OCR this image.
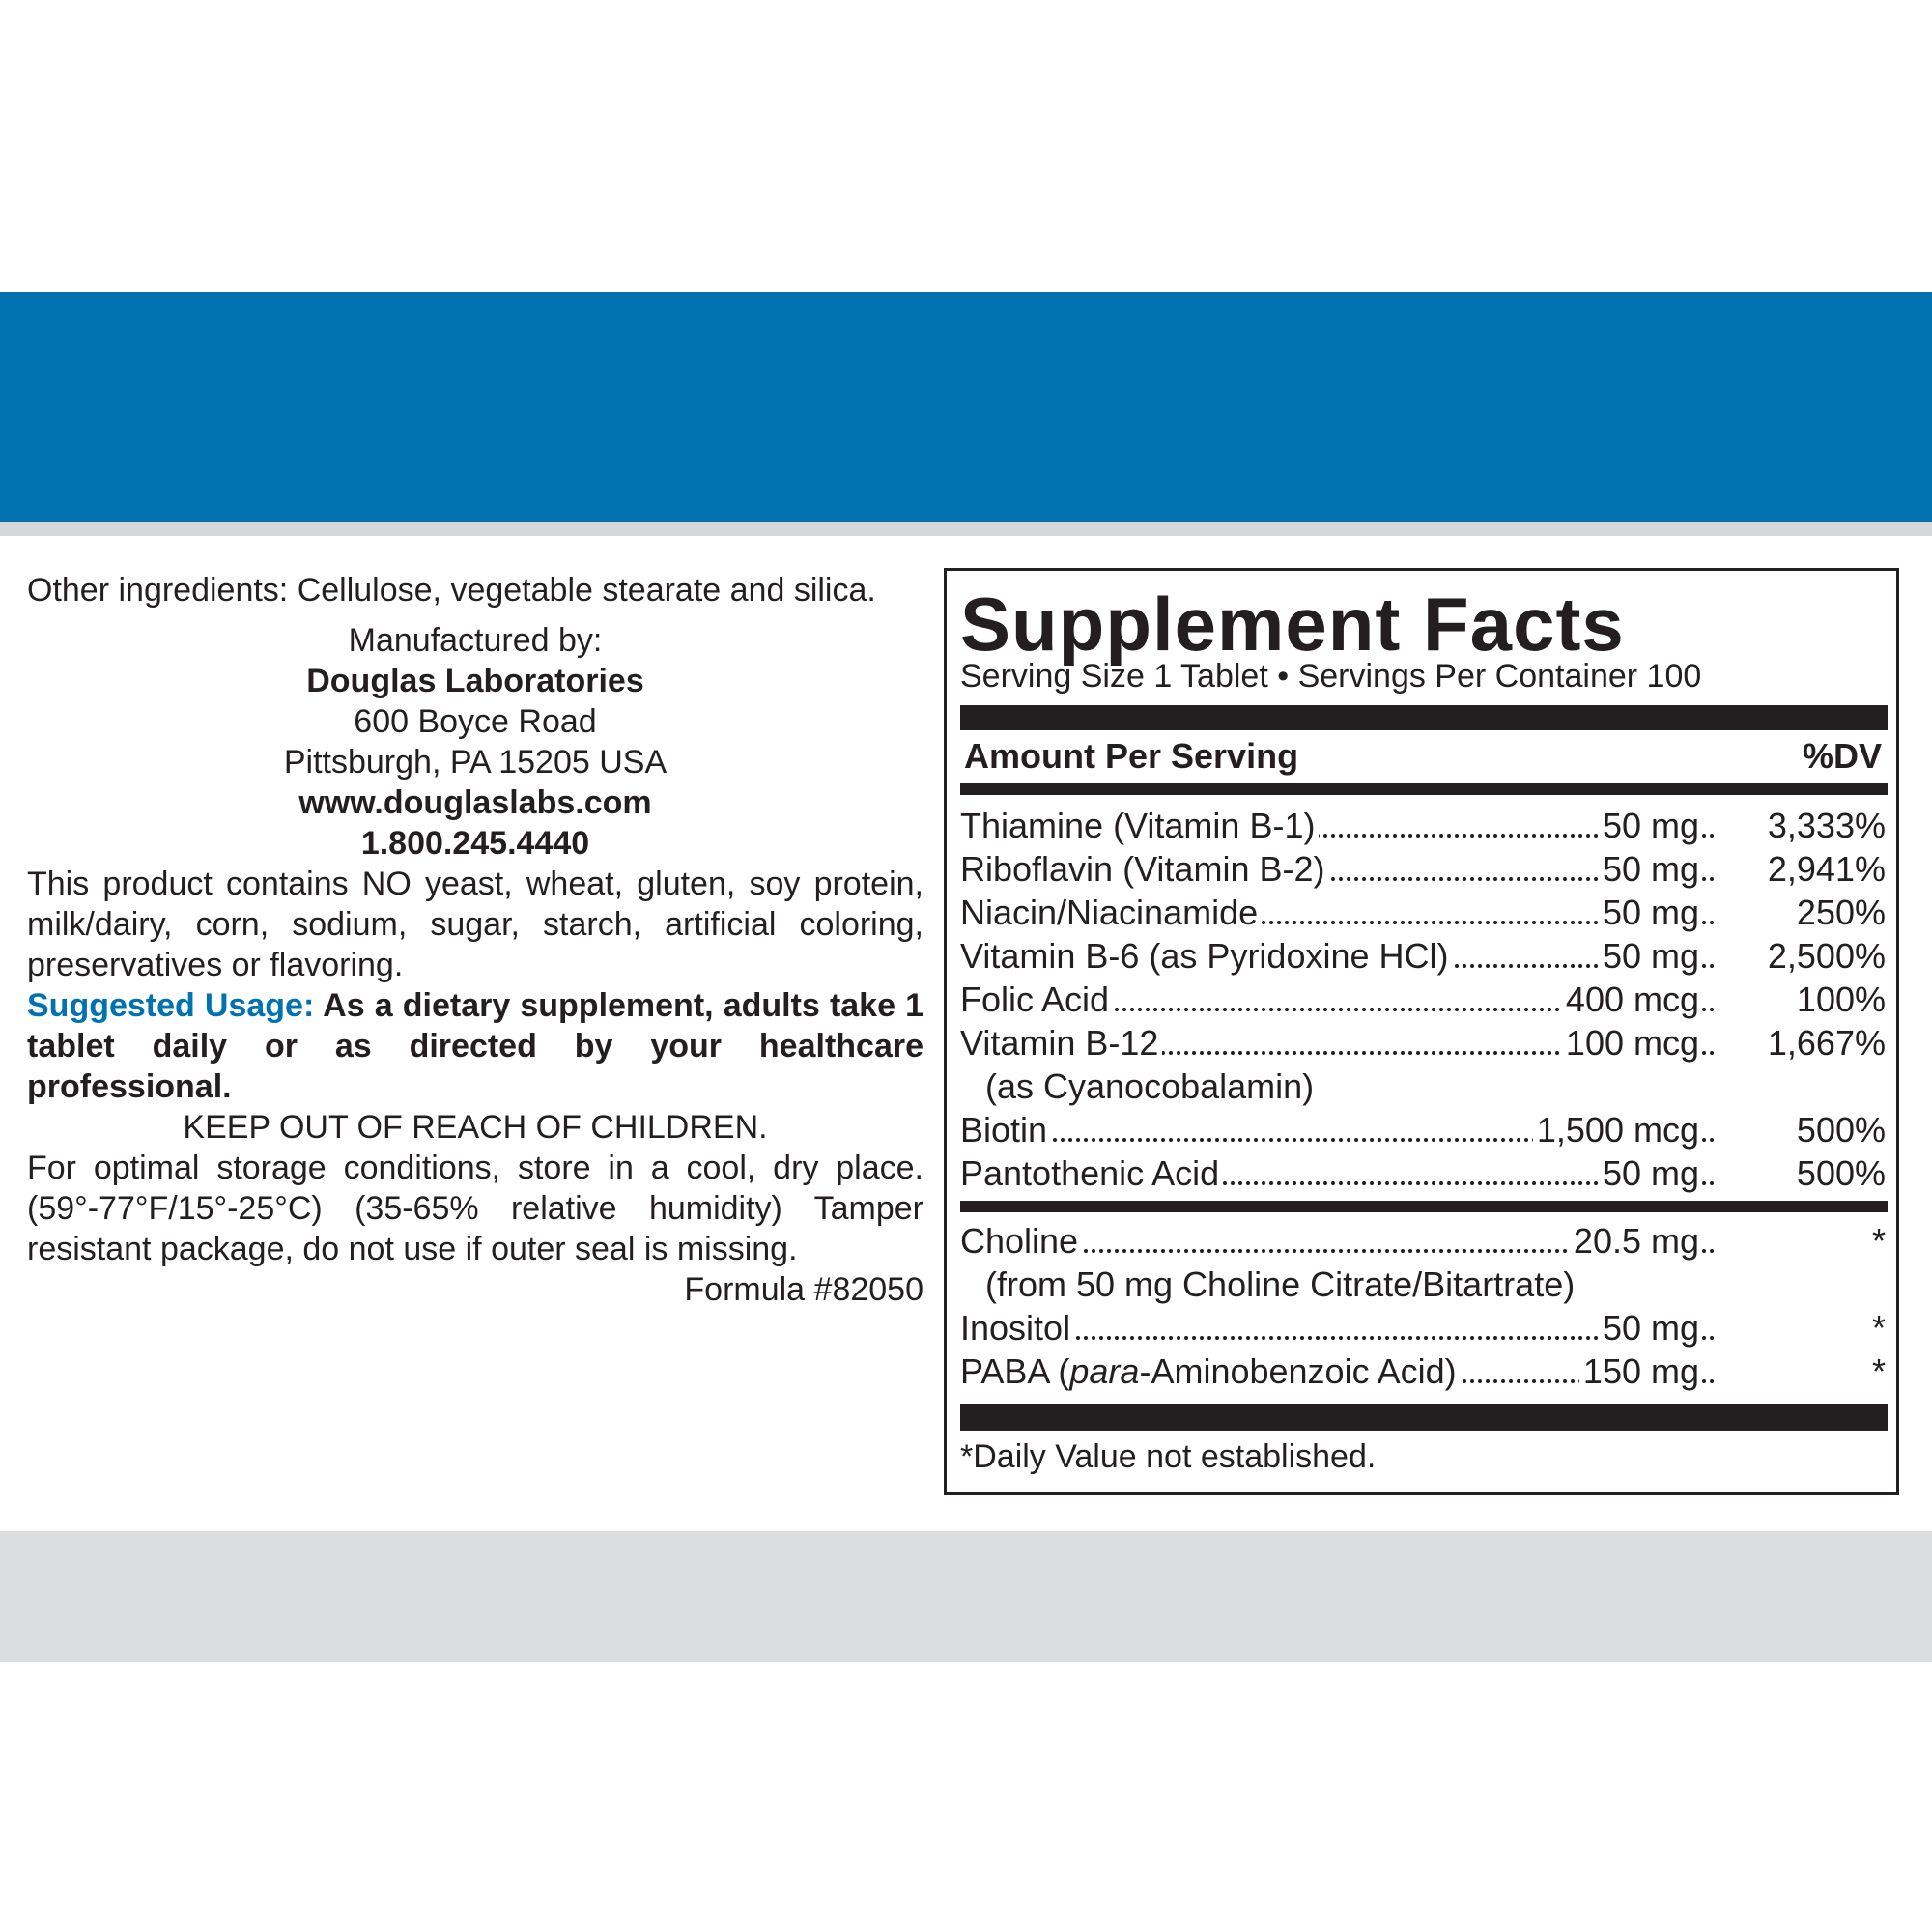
Other ingredients: Cellulose, vegetable stearate and silica.

Manufactured by:

Douglas Laboratories

600 Boyce Road

Pittsburgh, PA 15205 USA

www.douglaslabs.com

1.800.245.4440

This product contains NO yeast, wheat, gluten, soy protein, milk/dairy, corn, sodium, sugar, starch, artificial coloring, preservatives or flavoring.

Suggested Usage: As a dietary supplement, adults take 1 tablet daily or as directed by your healthcare professional.

KEEP OUT OF REACH OF CHILDREN.

For optimal storage conditions, store in a cool, dry place. (59°-77°F/15°-25°C) (35-65% relative humidity) Tamper resistant package, do not use if outer seal is missing.

Formula #82050

Supplement Facts
Serving Size 1 Tablet • Servings Per Container 100
Amount Per Serving	%DV
Thiamine (Vitamin B-1)	50 mg 3,333%
Riboflavin (Vitamin B-2)	50 mg 2,941%
Niacin/Niacinamide	50 mg	250%
Vitamin B-6 (as Pyridoxine HCl)	50 mg 2,500%
Folic Acid	400 mcg	100%
Vitamin B-12	100 mcg 1,667%
(as Cyanocobalamin)
Biotin	1,500 mcg	500%
Pantothenic Acid	50 mg	500%
Choline	20.5 mg	*
(from 50 mg Choline Citrate/Bitartrate)
Inositol	50 mg	*
PABA (para-Aminobenzoic Acid)	150 mg	*
*Daily Value not established.
